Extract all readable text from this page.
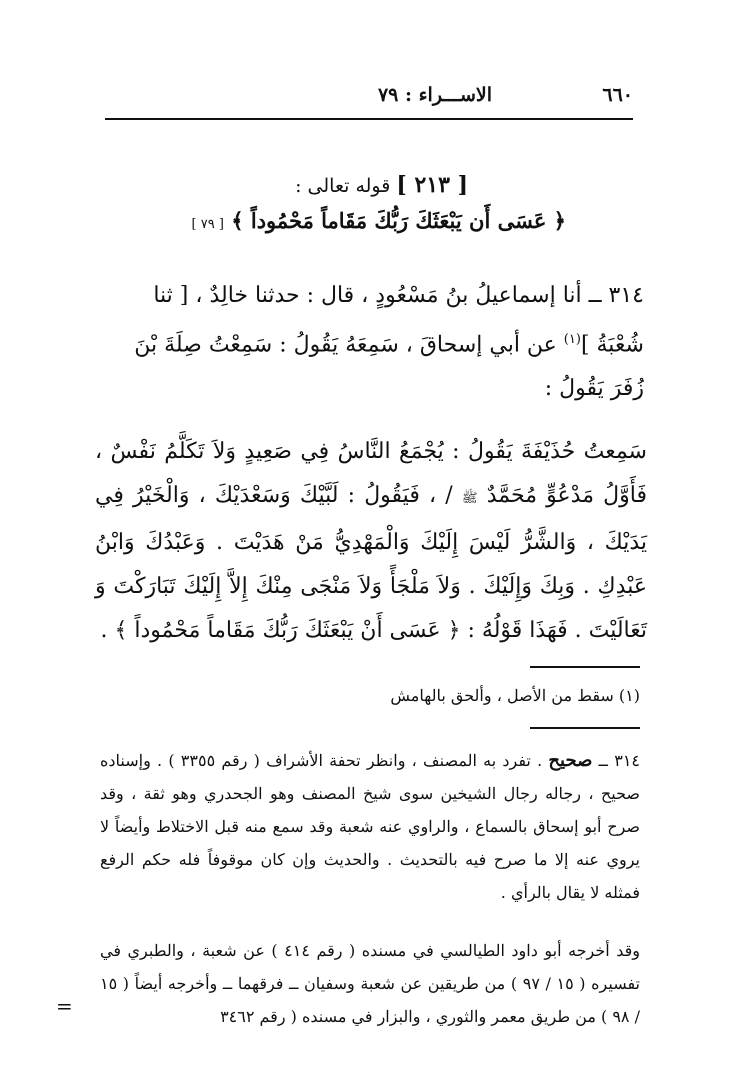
٦٦٠
الاســـراء : ٧٩
[ ٢١٣ ] قوله تعالى :
﴿ عَسَى أَن يَبْعَثَكَ رَبُّكَ مَقَاماً مَحْمُوداً ﴾ [ ٧٩ ]
٣١٤ ــ أنا إسماعيلُ بنُ مَسْعُودٍ ، قال : حدثنا خالِدٌ ، [ ثنا شُعْبَةُ ]$^{(١)}$ عن أبي إسحاقَ ، سَمِعَهُ يَقُولُ : سَمِعْتُ صِلَةَ بْنَ زُفَرَ يَقُولُ :
سَمِعتُ حُذَيْفَةَ يَقُولُ : يُجْمَعُ النَّاسُ فِي صَعِيدٍ وَلاَ تَكَلَّمُ نَفْسٌ ، فَأَوَّلُ مَدْعُوٍّ مُحَمَّدٌ ﷺ / ، فَيَقُولُ : لَبَّيْكَ وَسَعْدَيْكَ ، وَالْخَيْرُ فِي يَدَيْكَ ، وَالشَّرُّ لَيْسَ إِلَيْكَ وَالْمَهْدِيُّ مَنْ هَدَيْتَ . وَعَبْدُكَ وَابْنُ عَبْدِكِ . وَبِكَ وَإِلَيْكَ . وَلاَ مَلْجَأً وَلاَ مَنْجَى مِنْكَ إِلاَّ إِلَيْكَ تَبَارَكْتَ وَ تَعَالَيْتَ . فَهَذَا قَوْلُهُ : ﴿ عَسَى أَنْ يَبْعَثَكَ رَبُّكَ مَقَاماً مَحْمُوداً ﴾ .
(١) سقط من الأصل ، وألحق بالهامش
٣١٤ ــ صحيح . تفرد به المصنف ، وانظر تحفة الأشراف ( رقم ٣٣٥٥ ) . وإسناده صحيح ، رجاله رجال الشيخين سوى شيخ المصنف وهو الجحدري وهو ثقة ، وقد صرح أبو إسحاق بالسماع ، والراوي عنه شعبة وقد سمع منه قبل الاختلاط وأيضاً لا يروي عنه إلا ما صرح فيه بالتحديث . والحديث وإن كان موقوفاً فله حكم الرفع فمثله لا يقال بالرأي .
وقد أخرجه أبو داود الطيالسي في مسنده ( رقم ٤١٤ ) عن شعبة ، والطبري في تفسيره ( ١٥ / ٩٧ ) من طريقين عن شعبة وسفيان ــ فرقهما ــ وأخرجه أيضاً ( ١٥ / ٩٨ ) من طريق معمر والثوري ، والبزار في مسنده ( رقم ٣٤٦٢
=
